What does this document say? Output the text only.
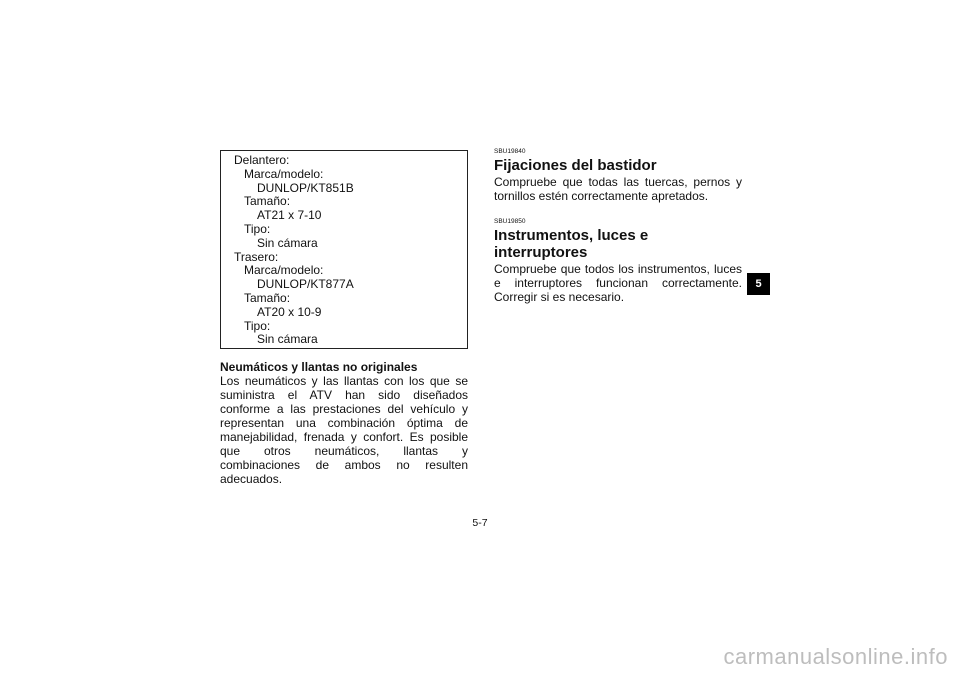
Delantero:
Marca/modelo:
DUNLOP/KT851B
Tamaño:
AT21 x 7-10
Tipo:
Sin cámara
Trasero:
Marca/modelo:
DUNLOP/KT877A
Tamaño:
AT20 x 10-9
Tipo:
Sin cámara
Neumáticos y llantas no originales

Los neumáticos y las llantas con los que se suministra el ATV han sido diseñados conforme a las prestaciones del vehículo y representan una combinación óptima de manejabilidad, frenada y confort. Es posible que otros neumáticos, llantas y combinaciones de ambos no resulten adecuados.

SBU19840
Fijaciones del bastidor

Compruebe que todas las tuercas, pernos y tornillos estén correctamente apretados.

SBU19850
Instrumentos, luces e interruptores

Compruebe que todos los instrumentos, luces e interruptores funcionan correctamente. Corregir si es necesario.

5
5-7
carmanualsonline.info
